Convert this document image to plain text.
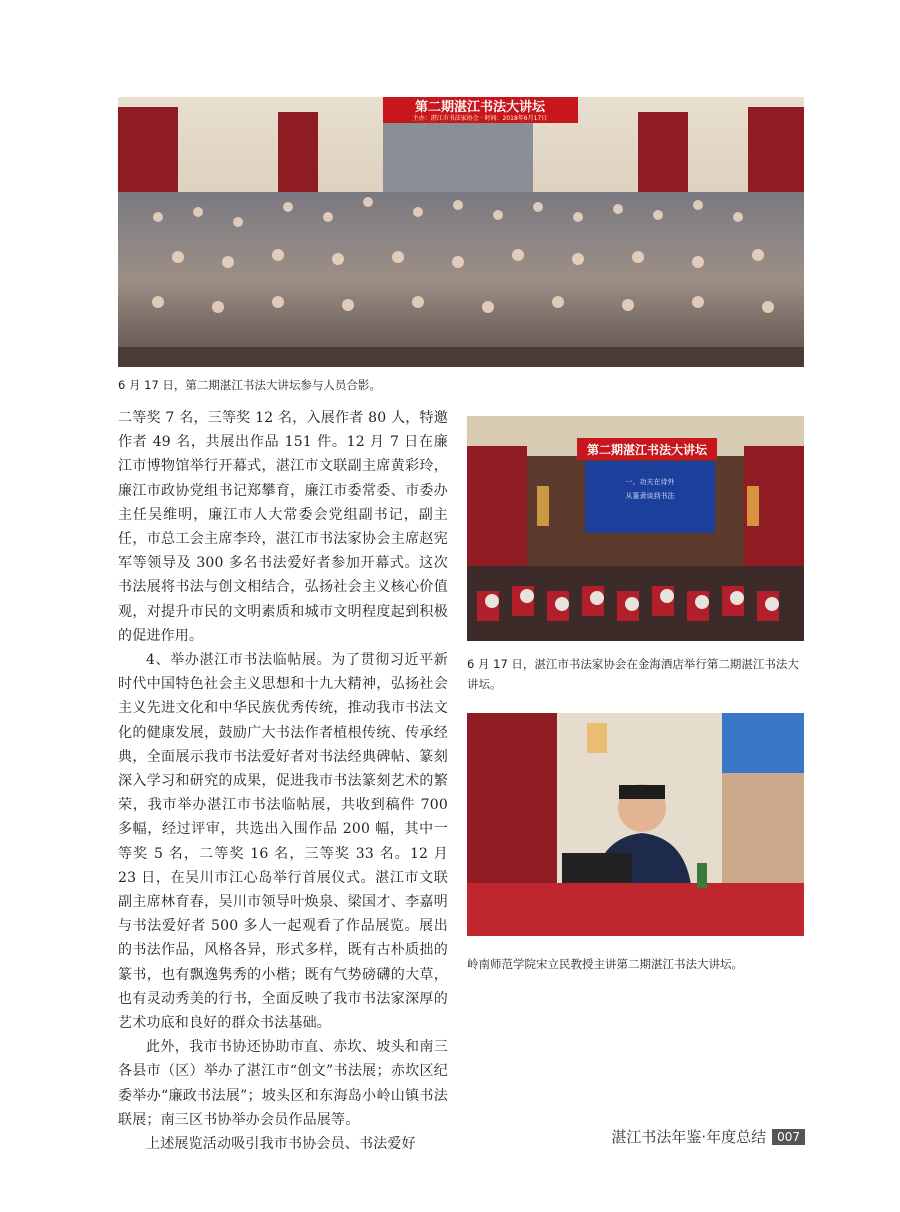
第二期湛江书法大讲坛
主办：湛江市书法家协会 · 时间：2018年6月17日
6 月 17 日，第二期湛江书法大讲坛参与人员合影。

二等奖 7 名，三等奖 12 名，入展作者 80 人，特邀作者 49 名，共展出作品 151 件。12 月 7 日在廉江市博物馆举行开幕式，湛江市文联副主席黄彩玲，廉江市政协党组书记郑攀育，廉江市委常委、市委办主任吴维明，廉江市人大常委会党组副书记，副主任，市总工会主席李玲，湛江市书法家协会主席赵宪军等领导及 300 多名书法爱好者参加开幕式。这次书法展将书法与创文相结合，弘扬社会主义核心价值观，对提升市民的文明素质和城市文明程度起到积极的促进作用。

4、举办湛江市书法临帖展。为了贯彻习近平新时代中国特色社会主义思想和十九大精神，弘扬社会主义先进文化和中华民族优秀传统，推动我市书法文化的健康发展，鼓励广大书法作者植根传统、传承经典，全面展示我市书法爱好者对书法经典碑帖、篆刻深入学习和研究的成果，促进我市书法篆刻艺术的繁荣，我市举办湛江市书法临帖展，共收到稿件 700 多幅，经过评审，共选出入围作品 200 幅，其中一等奖 5 名，二等奖 16 名，三等奖 33 名。12 月 23 日，在吴川市江心岛举行首展仪式。湛江市文联副主席林育春，吴川市领导叶焕泉、梁国才、李嘉明与书法爱好者 500 多人一起观看了作品展览。展出的书法作品，风格各异，形式多样，既有古朴质拙的篆书，也有飘逸隽秀的小楷；既有气势磅礴的大草，也有灵动秀美的行书，全面反映了我市书法家深厚的艺术功底和良好的群众书法基础。

此外，我市书协还协助市直、赤坎、坡头和南三各县市（区）举办了湛江市“创文”书法展；赤坎区纪委举办“廉政书法展”；坡头区和东海岛小岭山镇书法联展；南三区书协举办会员作品展等。

上述展览活动吸引我市书协会员、书法爱好

第二期湛江书法大讲坛
一、功夫在诗外
从篆隶谈到书法
6 月 17 日，湛江市书法家协会在金海酒店举行第二期湛江书法大讲坛。
岭南师范学院宋立民教授主讲第二期湛江书法大讲坛。
湛江书法年鉴·年度总结 007
